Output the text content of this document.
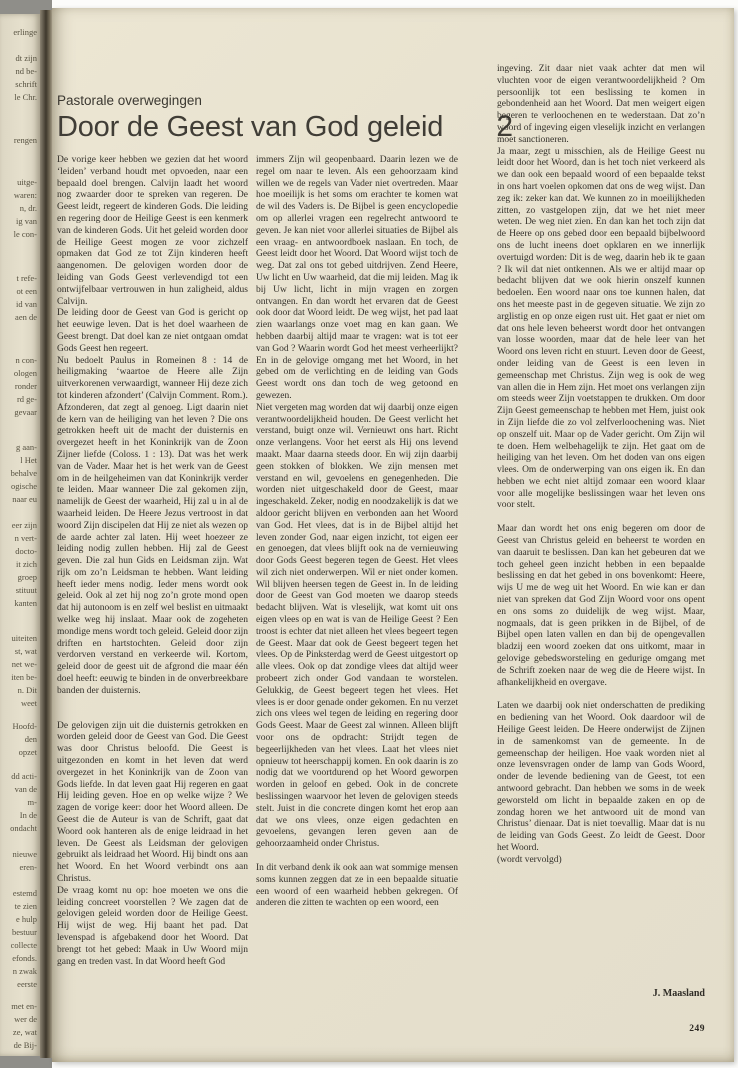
erlinge
dt zijn
nd be-
schrift
le Chr.
rengen
uitge-
waren:
n, dr.
ig van
le con-
t refe-
ot een
id van
aen de
n con-
ologen
ronder
rd ge-
gevaar
g aan-
l Het
behalve
ogische
naar eu
eer zijn
n vert-
docto-
it zich
groep
stituut
kanten
uiteiten
st, wat
net we-
iten be-
n. Dit
weet
Hoofd-
den
opzet
dd acti-
van de
m-
In de
ondacht
nieuwe
eren-
estemd
te zien
e hulp
bestuur
collecte
efonds.
n zwak
eerste
met en-
wer de
ze, wat
de Bij-
Pastorale overwegingen
Door de Geest van God geleid 2

De vorige keer hebben we gezien dat het woord ‘leiden’ verband houdt met opvoeden, naar een bepaald doel brengen. Calvijn laadt het woord nog zwaarder door te spreken van regeren. De Geest leidt, regeert de kinderen Gods. Die leiding en regering door de Heilige Geest is een kenmerk van de kinderen Gods. Uit het geleid worden door de Heilige Geest mogen ze voor zichzelf opmaken dat God ze tot Zijn kinderen heeft aangenomen. De gelovigen worden door de leiding van Gods Geest verlevendigd tot een ontwijfelbaar vertrouwen in hun zaligheid, aldus Calvijn.

De leiding door de Geest van God is gericht op het eeuwige leven. Dat is het doel waarheen de Geest brengt. Dat doel kan ze niet ontgaan omdat Gods Geest hen regeert.

Nu bedoelt Paulus in Romeinen 8 : 14 de heiligmaking ‘waartoe de Heere alle Zijn uitverkorenen verwaardigt, wanneer Hij deze zich tot kinderen afzondert’ (Calvijn Comment. Rom.).

Afzonderen, dat zegt al genoeg. Ligt daarin niet de kern van de heiliging van het leven ? Die ons getrokken heeft uit de macht der duisternis en overgezet heeft in het Koninkrijk van de Zoon Zijner liefde (Coloss. 1 : 13). Dat was het werk van de Vader. Maar het is het werk van de Geest om in de heilgeheimen van dat Koninkrijk verder te leiden. Maar wanneer Die zal gekomen zijn, namelijk de Geest der waarheid, Hij zal u in al de waarheid leiden. De Heere Jezus vertroost in dat woord Zijn discipelen dat Hij ze niet als wezen op de aarde achter zal laten. Hij weet hoezeer ze leiding nodig zullen hebben. Hij zal de Geest geven. Die zal hun Gids en Leidsman zijn. Wat rijk om zo’n Leidsman te hebben. Want leiding heeft ieder mens nodig. Ieder mens wordt ook geleid. Ook al zet hij nog zo’n grote mond open dat hij autonoom is en zelf wel beslist en uitmaakt welke weg hij inslaat. Maar ook de zogeheten mondige mens wordt toch geleid. Geleid door zijn driften en hartstochten. Geleid door zijn verdorven verstand en verkeerde wil. Kortom, geleid door de geest uit de afgrond die maar één doel heeft: eeuwig te binden in de onverbreekbare banden der duisternis.

De gelovigen zijn uit die duisternis getrokken en worden geleid door de Geest van God. Die Geest was door Christus beloofd. Die Geest is uitgezonden en komt in het leven dat werd overgezet in het Koninkrijk van de Zoon van Gods liefde. In dat leven gaat Hij regeren en gaat Hij leiding geven. Hoe en op welke wijze ? We zagen de vorige keer: door het Woord alleen. De Geest die de Auteur is van de Schrift, gaat dat Woord ook hanteren als de enige leidraad in het leven. De Geest als Leidsman der gelovigen gebruikt als leidraad het Woord. Hij bindt ons aan het Woord. En het Woord verbindt ons aan Christus.

De vraag komt nu op: hoe moeten we ons die leiding concreet voorstellen ? We zagen dat de gelovigen geleid worden door de Heilige Geest. Hij wijst de weg. Hij baant het pad. Dat levenspad is afgebakend door het Woord. Dat brengt tot het gebed: Maak in Uw Woord mijn gang en treden vast. In dat Woord heeft God

immers Zijn wil geopenbaard. Daarin lezen we de regel om naar te leven. Als een gehoorzaam kind willen we de regels van Vader niet overtreden. Maar hoe moeilijk is het soms om erachter te komen wat de wil des Vaders is. De Bijbel is geen encyclopedie om op allerlei vragen een regelrecht antwoord te geven. Je kan niet voor allerlei situaties de Bijbel als een vraag- en antwoordboek naslaan. En toch, de Geest leidt door het Woord. Dat Woord wijst toch de weg. Dat zal ons tot gebed uitdrijven. Zend Heere, Uw licht en Uw waarheid, dat die mij leiden. Mag ik bij Uw licht, licht in mijn vragen en zorgen ontvangen. En dan wordt het ervaren dat de Geest ook door dat Woord leidt. De weg wijst, het pad laat zien waarlangs onze voet mag en kan gaan. We hebben daarbij altijd maar te vragen: wat is tot eer van God ? Waarin wordt God het meest verheerlijkt? En in de gelovige omgang met het Woord, in het gebed om de verlichting en de leiding van Gods Geest wordt ons dan toch de weg getoond en gewezen.

Niet vergeten mag worden dat wij daarbij onze eigen verantwoordelijkheid houden. De Geest verlicht het verstand, buigt onze wil. Vernieuwt ons hart. Richt onze verlangens. Voor het eerst als Hij ons levend maakt. Maar daarna steeds door. En wij zijn daarbij geen stokken of blokken. We zijn mensen met verstand en wil, gevoelens en genegenheden. Die worden niet uitgeschakeld door de Geest, maar ingeschakeld. Zeker, nodig en noodzakelijk is dat we aldoor gericht blijven en verbonden aan het Woord van God. Het vlees, dat is in de Bijbel altijd het leven zonder God, naar eigen inzicht, tot eigen eer en genoegen, dat vlees blijft ook na de vernieuwing door Gods Geest begeren tegen de Geest. Het vlees wil zich niet onderwerpen. Wil er niet onder komen. Wil blijven heersen tegen de Geest in. In de leiding door de Geest van God moeten we daarop steeds bedacht blijven. Wat is vleselijk, wat komt uit ons eigen vlees op en wat is van de Heilige Geest ? Een troost is echter dat niet alleen het vlees begeert tegen de Geest. Maar dat ook de Geest begeert tegen het vlees. Op de Pinksterdag werd de Geest uitgestort op alle vlees. Ook op dat zondige vlees dat altijd weer probeert zich onder God vandaan te worstelen. Gelukkig, de Geest begeert tegen het vlees. Het vlees is er door genade onder gekomen. En nu verzet zich ons vlees wel tegen de leiding en regering door Gods Geest. Maar de Geest zal winnen. Alleen blijft voor ons de opdracht: Strijdt tegen de begeerlijkheden van het vlees. Laat het vlees niet opnieuw tot heerschappij komen. En ook daarin is zo nodig dat we voortdurend op het Woord geworpen worden in geloof en gebed. Ook in de concrete beslissingen waarvoor het leven de gelovigen steeds stelt. Juist in die concrete dingen komt het erop aan dat we ons vlees, onze eigen gedachten en gevoelens, gevangen leren geven aan de gehoorzaamheid onder Christus.

In dit verband denk ik ook aan wat sommige mensen soms kunnen zeggen dat ze in een bepaalde situatie een woord of een waarheid hebben gekregen. Of anderen die zitten te wachten op een woord, een

ingeving. Zit daar niet vaak achter dat men wil vluchten voor de eigen verantwoordelijkheid ? Om persoonlijk tot een beslissing te komen in gebondenheid aan het Woord. Dat men weigert eigen begeren te verloochenen en te wederstaan. Dat zo’n woord of ingeving eigen vleselijk inzicht en verlangen moet sanctioneren.

Ja maar, zegt u misschien, als de Heilige Geest nu leidt door het Woord, dan is het toch niet verkeerd als we dan ook een bepaald woord of een bepaalde tekst in ons hart voelen opkomen dat ons de weg wijst. Dan zeg ik: zeker kan dat. We kunnen zo in moeilijkheden zitten, zo vastgelopen zijn, dat we het niet meer weten. De weg niet zien. En dan kan het toch zijn dat de Heere op ons gebed door een bepaald bijbelwoord ons de lucht ineens doet opklaren en we innerlijk overtuigd worden: Dit is de weg, daarin heb ik te gaan ? Ik wil dat niet ontkennen. Als we er altijd maar op bedacht blijven dat we ook hierin onszelf kunnen bedoelen. Een woord naar ons toe kunnen halen, dat ons het meeste past in de gegeven situatie. We zijn zo arglistig en op onze eigen rust uit. Het gaat er niet om dat ons hele leven beheerst wordt door het ontvangen van losse woorden, maar dat de hele leer van het Woord ons leven richt en stuurt. Leven door de Geest, onder leiding van de Geest is een leven in gemeenschap met Christus. Zijn weg is ook de weg van allen die in Hem zijn. Het moet ons verlangen zijn om steeds weer Zijn voetstappen te drukken. Om door Zijn Geest gemeenschap te hebben met Hem, juist ook in Zijn liefde die zo vol zelfverloochening was. Niet op onszelf uit. Maar op de Vader gericht. Om Zijn wil te doen. Hem welbehagelijk te zijn. Het gaat om de heiliging van het leven. Om het doden van ons eigen vlees. Om de onderwerping van ons eigen ik. En dan hebben we echt niet altijd zomaar een woord klaar voor alle mogelijke beslissingen waar het leven ons voor stelt.

Maar dan wordt het ons enig begeren om door de Geest van Christus geleid en beheerst te worden en van daaruit te beslissen. Dan kan het gebeuren dat we toch geheel geen inzicht hebben in een bepaalde beslissing en dat het gebed in ons bovenkomt: Heere, wijs U me de weg uit het Woord. En wie kan er dan niet van spreken dat God Zijn Woord voor ons opent en ons soms zo duidelijk de weg wijst. Maar, nogmaals, dat is geen prikken in de Bijbel, of de Bijbel open laten vallen en dan bij de opengevallen bladzij een woord zoeken dat ons uitkomt, maar in gelovige gebedsworsteling en gedurige omgang met de Schrift zoeken naar de weg die de Heere wijst. In afhankelijkheid en overgave.

Laten we daarbij ook niet onderschatten de prediking en bediening van het Woord. Ook daardoor wil de Heilige Geest leiden. De Heere onderwijst de Zijnen in de samenkomst van de gemeente. In de gemeenschap der heiligen. Hoe vaak worden niet al onze levensvragen onder de lamp van Gods Woord, onder de levende bediening van de Geest, tot een antwoord gebracht. Dan hebben we soms in de week geworsteld om licht in bepaalde zaken en op de zondag horen we het antwoord uit de mond van Christus’ dienaar. Dat is niet toevallig. Maar dat is nu de leiding van Gods Geest. Zo leidt de Geest. Door het Woord.

(wordt vervolgd)

J. Maasland
249
